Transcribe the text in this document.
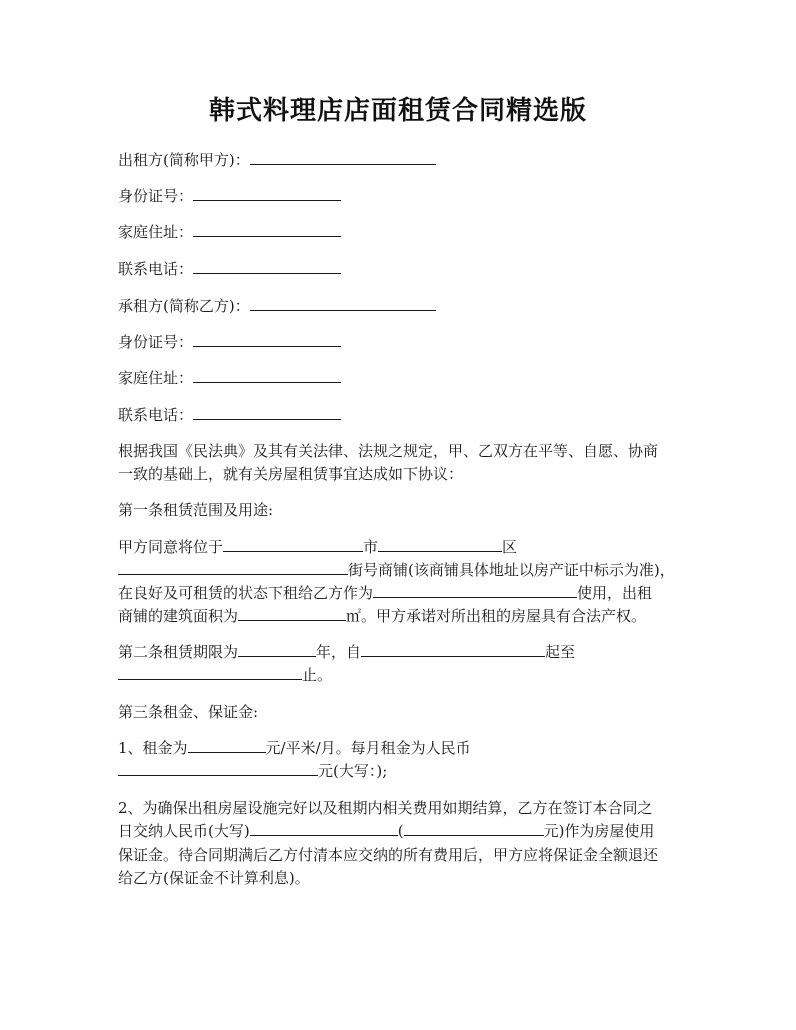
韩式料理店店面租赁合同精选版
出租方(简称甲方)：
身份证号：
家庭住址：
联系电话：
承租方(简称乙方)：
身份证号：
家庭住址：
联系电话：
根据我国《民法典》及其有关法律、法规之规定，甲、乙双方在平等、自愿、协商
一致的基础上，就有关房屋租赁事宜达成如下协议：
第一条租赁范围及用途:
甲方同意将位于	市	区
街号商铺(该商铺具体地址以房产证中标示为准)，
在良好及可租赁的状态下租给乙方作为	使用，出租
商铺的建筑面积为	㎡。甲方承诺对所出租的房屋具有合法产权。
第二条租赁期限为	年，自	起至
止。
第三条租金、保证金:
1、租金为	元/平米/月。每月租金为人民币
元(大写：);
2、为确保出租房屋设施完好以及租期内相关费用如期结算，乙方在签订本合同之
日交纳人民币(大写)	(	元)作为房屋使用
保证金。待合同期满后乙方付清本应交纳的所有费用后，甲方应将保证金全额退还
给乙方(保证金不计算利息)。
